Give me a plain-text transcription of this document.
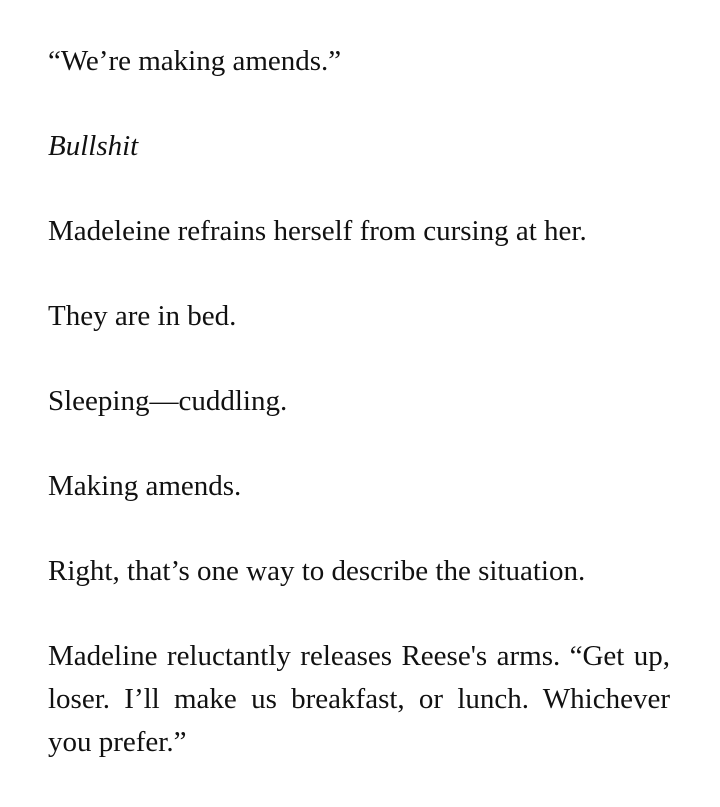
“We’re making amends.”

Bullshit

Madeleine refrains herself from cursing at her.

They are in bed.

Sleeping—cuddling.

Making amends.

Right, that’s one way to describe the situation.

Madeline reluctantly releases Reese's arms. “Get up, loser. I’ll make us breakfast, or lunch. Whichever you prefer.”
